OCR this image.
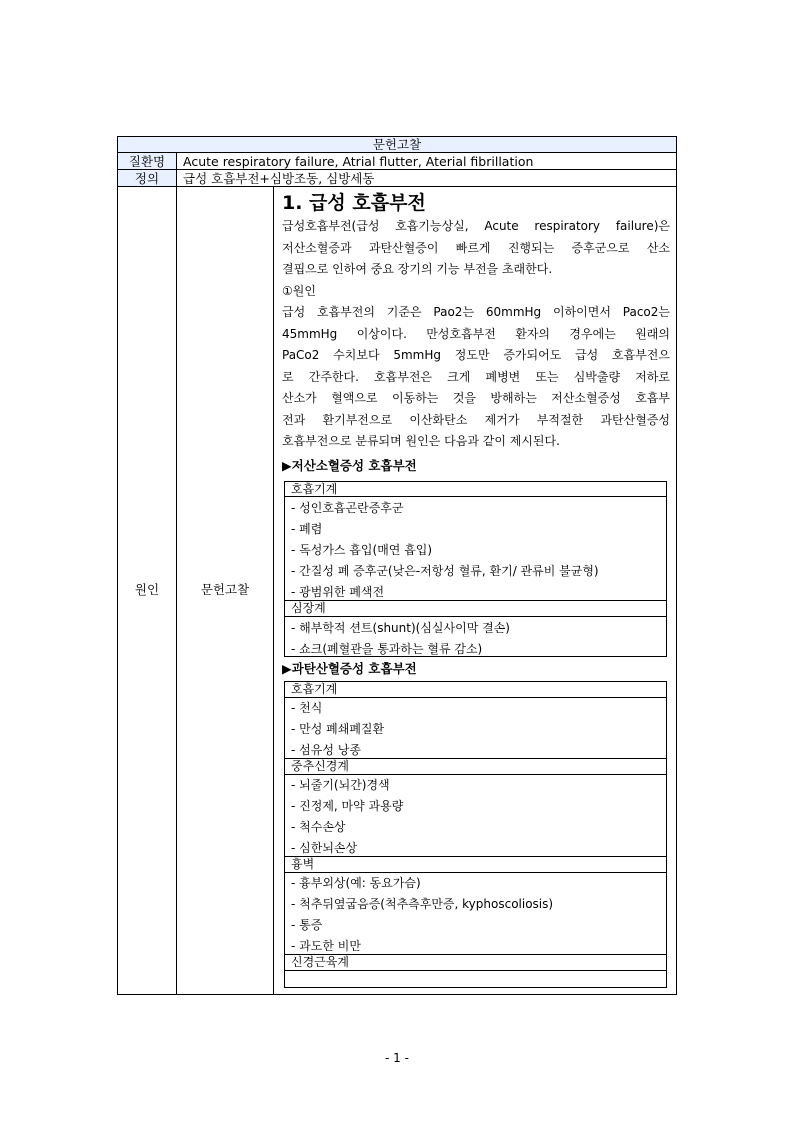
문헌고찰
질환명	Acute respiratory failure, Atrial flutter, Aterial fibrillation
정의	급성 호흡부전+심방조동, 심방세동
원인	문헌고찰
1. 급성 호흡부전
급성호흡부전(급성 호흡기능상실, Acute respiratory failure)은
저산소혈증과 과탄산혈증이 빠르게 진행되는 증후군으로 산소
결핍으로 인하여 중요 장기의 기능 부전을 초래한다.
①원인
급성 호흡부전의 기준은 Pao2는 60mmHg 이하이면서 Paco2는
45mmHg 이상이다. 만성호흡부전 환자의 경우에는 원래의
PaCo2 수치보다 5mmHg 정도만 증가되어도 급성 호흡부전으
로 간주한다. 호흡부전은 크게 폐병변 또는 심박출량 저하로
산소가 혈액으로 이동하는 것을 방해하는 저산소혈증성 호흡부
전과 환기부전으로 이산화탄소 제거가 부적절한 과탄산혈증성
호흡부전으로 분류되며 원인은 다음과 같이 제시된다.
▶저산소혈증성 호흡부전
호흡기계
- 성인호흡곤란증후군
- 폐렴
- 독성가스 흡입(매연 흡입)
- 간질성 폐 증후군(낮은-저항성 혈류, 환기/ 관류비 불균형)
- 광범위한 폐색전
심장계
- 해부학적 션트(shunt)(심실사이막 결손)
- 쇼크(폐혈관을 통과하는 혈류 감소)
▶과탄산혈증성 호흡부전
호흡기계
- 천식
- 만성 폐쇄폐질환
- 섬유성 낭종
중추신경계
- 뇌줄기(뇌간)경색
- 진정제, 마약 과용량
- 척수손상
- 심한뇌손상
흉벽
- 흉부외상(예: 동요가슴)
- 척추뒤옆굽음증(척추측후만증, kyphoscoliosis)
- 통증
- 과도한 비만
신경근육계
- 1 -
